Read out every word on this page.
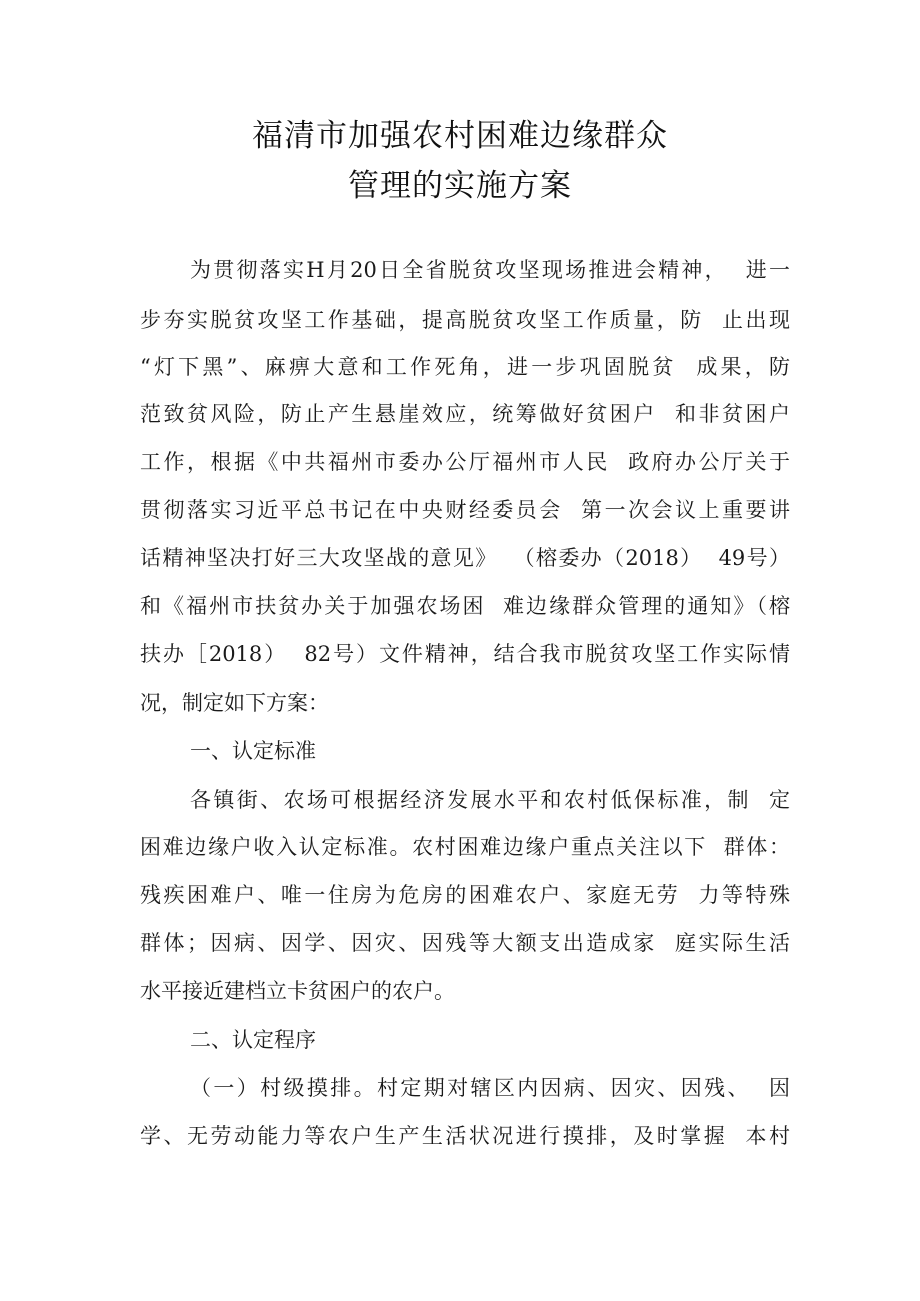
福清市加强农村困难边缘群众
管理的实施方案
为贯彻落实H月20日全省脱贫攻坚现场推进会精神，  进一
步夯实脱贫攻坚工作基础，提高脱贫攻坚工作质量，防  止出现
“灯下黑”、麻痹大意和工作死角，进一步巩固脱贫  成果，防
范致贫风险，防止产生悬崖效应，统筹做好贫困户  和非贫困户
工作，根据《中共福州市委办公厅福州市人民  政府办公厅关于
贯彻落实习近平总书记在中央财经委员会  第一次会议上重要讲
话精神坚决打好三大攻坚战的意见》  （榕委办（2018）  49号）
和《福州市扶贫办关于加强农场困  难边缘群众管理的通知》（榕
扶办［2018）  82号）文件精神，结合我市脱贫攻坚工作实际情
况，制定如下方案：
一、认定标准
各镇街、农场可根据经济发展水平和农村低保标准，制  定
困难边缘户收入认定标准。农村困难边缘户重点关注以下  群体：
残疾困难户、唯一住房为危房的困难农户、家庭无劳  力等特殊
群体；因病、因学、因灾、因残等大额支出造成家  庭实际生活
水平接近建档立卡贫困户的农户。
二、认定程序
（一）村级摸排。村定期对辖区内因病、因灾、因残、  因
学、无劳动能力等农户生产生活状况进行摸排，及时掌握  本村
